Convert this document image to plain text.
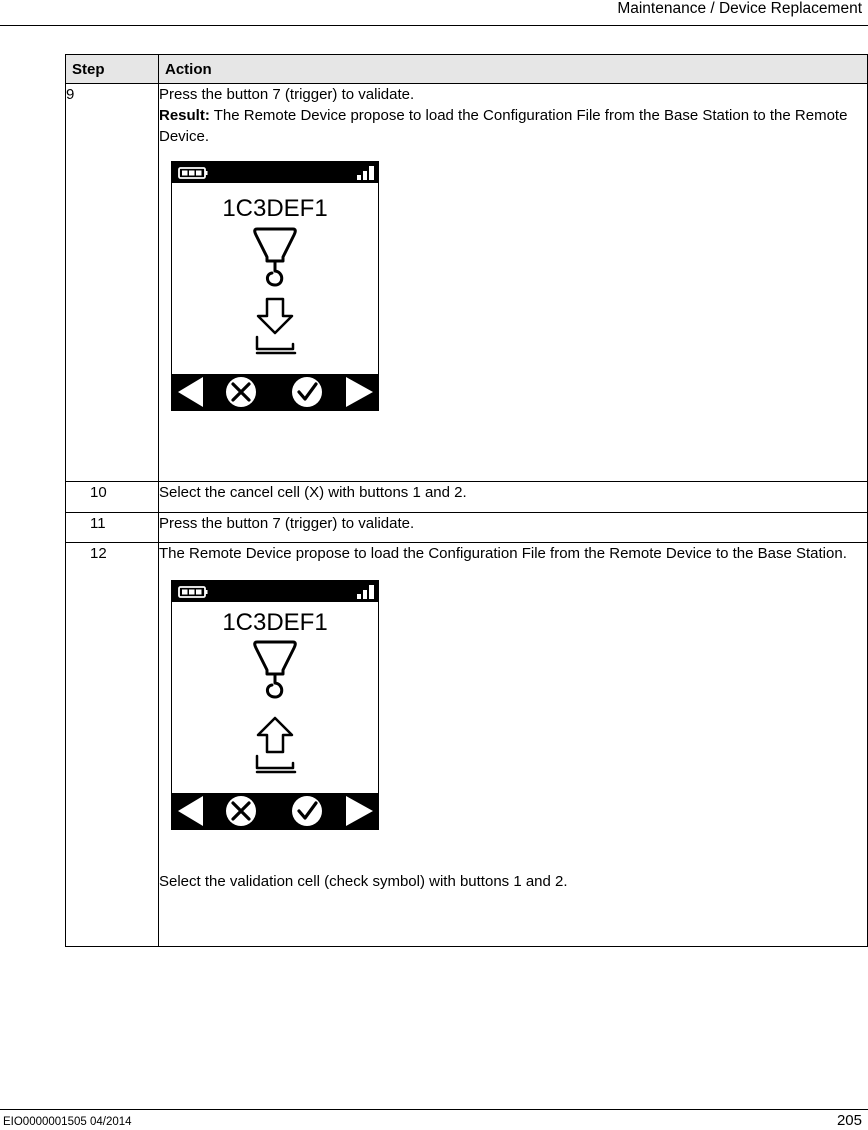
Maintenance / Device Replacement
Step	Action
9	Press the button 7 (trigger) to validate.
Result: The Remote Device propose to load the Configuration File from the Base Station to the Remote Device.
1C3DEF1

10	Select the cancel cell (X) with buttons 1 and 2.
11	Press the button 7 (trigger) to validate.
12	The Remote Device propose to load the Configuration File from the Remote Device to the Base Station.
1C3DEF1
Select the validation cell (check symbol) with buttons 1 and 2.
EIO0000001505 04/2014	205
